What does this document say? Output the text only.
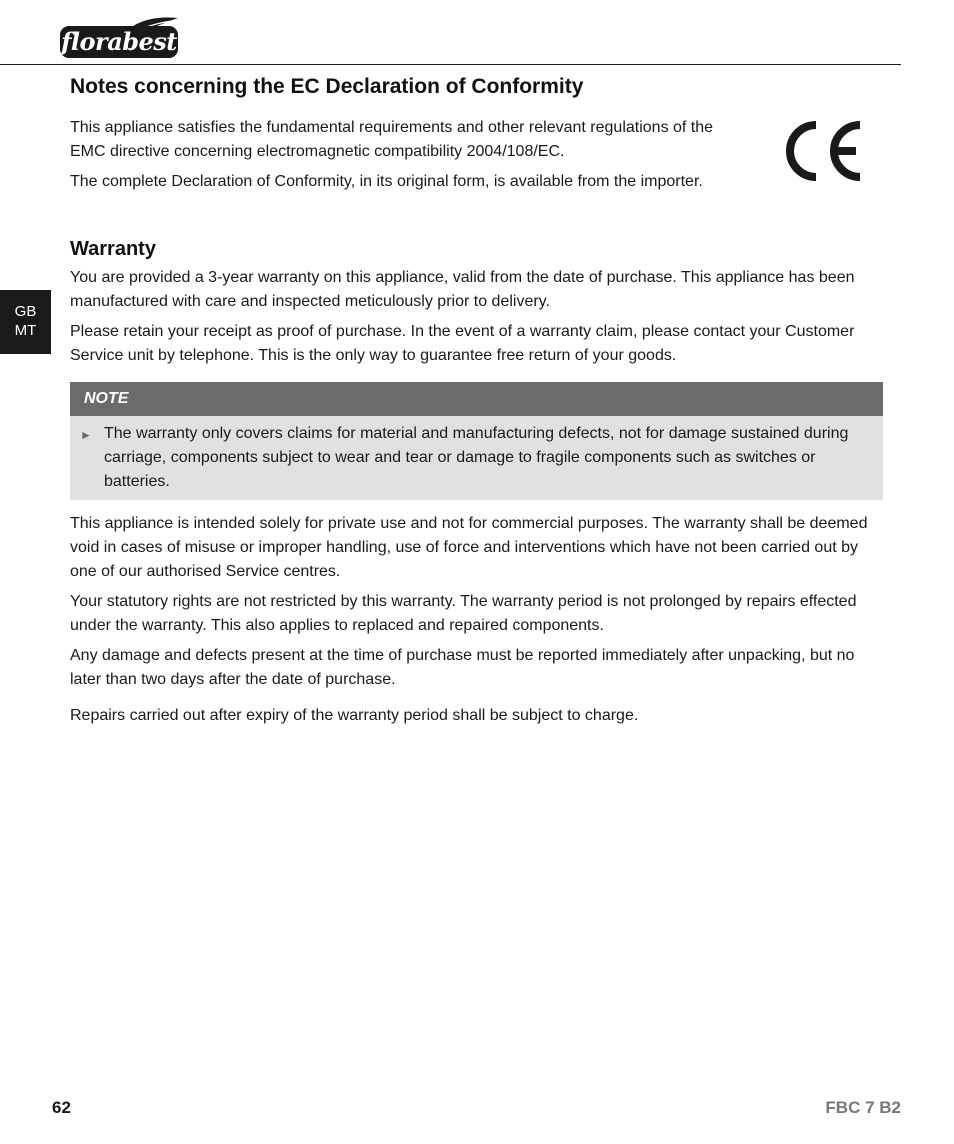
florabest
GB
MT
Notes concerning the EC Declaration of Conformity

This appliance satisfies the fundamental requirements and other relevant regulations of the EMC directive concerning electromagnetic compatibility 2004/108/EC.

The complete Declaration of Conformity, in its original form, is available from the importer.

Warranty

You are provided a 3-year warranty on this appliance, valid from the date of purchase. This appliance has been manufactured with care and inspected meticulously prior to delivery.

Please retain your receipt as proof of purchase. In the event of a warranty claim, please contact your Customer Service unit by telephone. This is the only way to guarantee free return of your goods.

NOTE
► The warranty only covers claims for material and manufacturing defects, not for damage sustained during carriage, components subject to wear and tear or damage to fragile components such as switches or batteries.

This appliance is intended solely for private use and not for commercial purposes. The warranty shall be deemed void in cases of misuse or improper handling, use of force and interventions which have not been carried out by one of our authorised Service centres.

Your statutory rights are not restricted by this warranty. The warranty period is not prolonged by repairs effected under the warranty. This also applies to replaced and repaired components.

Any damage and defects present at the time of purchase must be reported immediately after unpacking, but no later than two days after the date of purchase.

Repairs carried out after expiry of the warranty period shall be subject to charge.

62	FBC 7 B2
